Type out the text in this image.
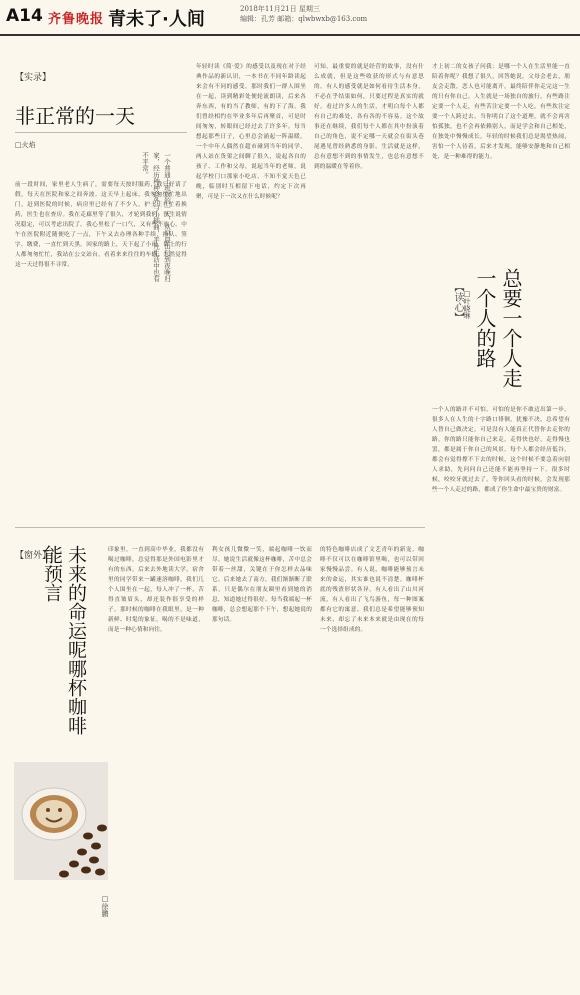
A14 齐鲁晚报 青未了·人间	2018年11月21日 星期三
编辑：孔芳 邮箱：qlwbwxb@163.com
【实录】
非正常的一天
□火焰
一个普通上班族的一天，从早晨出门到夜晚归家，经历种种意外与小插曲，平凡生活中也有不平常。
前一段时间，家里老人生病了，需要每天按时服药，我只好请了假，每天在医院和家之间奔波。这天早上起床，我匆匆忙忙地出门，赶到医院的时候，病房里已经有了不少人，护士正在忙着换药，医生也在查房。我在走廊里等了很久，才轮到我们，医生说情况稳定，可以考虑出院了。我心里松了一口气，又有些不放心。中午在医院附近随便吃了一点，下午又去办理各种手续，排队、签字、缴费，一直忙到天黑。回家的路上，天下起了小雨，街上的行人都匆匆忙忙，我站在公交站台，看着来来往往的车辆，忽然觉得这一天过得很不寻常。
年轻时读《简·爱》的感受以及现在对于经典作品的新认识，一本书在不同年龄读起来会有不同的感受，那时我们一群人围坐在一起，读到精彩处便轮流朗读，后来各奔东西，有的当了教师，有的下了海。我们曾经相约在毕业多年后再聚首，可是时间匆匆，转眼间已经过去了许多年。每当想起那些日子，心里总会涌起一阵温暖。一个中年人偶然在超市碰到当年的同学，两人站在货架之间聊了很久，说起各自的孩子、工作和父母，说起当年的老师，说起学校门口那家小吃店，不知不觉天色已晚，临别时互相留下电话，约定下次再聚，可是下一次又在什么时候呢？
可知。最重要的就是经营的故事，没有什么成就，但是这些收获的形式与有意思的。有人的感受就是如何看待生活本身，不必在乎结果如何，只要过程是真实的就好。看过许多人的生活，才明白每个人都有自己的难处，各有各的不容易。这个故事还在继续，我们每个人都在其中扮演着自己的角色，说不定哪一天就会在街头巷尾遇见曾经熟悉的身影。生活就是这样，总有意想不到的事情发生，也总有意想不到的温暖在等着你。
【读心】	总要一个人走一个人的路
□叶晓琳
才上初二的女孩子问我：是哪一个人在生活里能一直陪着你呢？我想了很久，回答她说，父母会老去，朋友会走散，恋人也可能离开，最终陪伴你走完这一生的只有你自己。人生就是一场独自的旅行，有些路注定要一个人走，有些苦注定要一个人吃，有些坎注定要一个人跨过去。当你明白了这个道理，就不会再害怕孤独，也不会再依赖别人，而是学会和自己相处，在独处中慢慢成长。年轻的时候我们总是渴望热闹，害怕一个人待着，后来才发现，能够安静地和自己相处，是一种难得的能力。
一个人的路并不可怕，可怕的是你不敢迈出第一步。很多人在人生的十字路口徘徊，犹豫不决，总希望有人替自己做决定，可是没有人能真正代替你去走你的路。你的路只能你自己来走，走得快也好，走得慢也罢，都是属于你自己的风景。每个人都会经历低谷，都会有觉得撑不下去的时候，这个时候不要急着向别人求助，先问问自己还能不能再坚持一下。很多时候，咬咬牙就过去了。等你回头看的时候，会发现那些一个人走过的路，都成了你生命中最宝贵的财富。
【窗外】 未来的命运呢哪杯咖啡能预言	印象里，一直到高中毕业，我都没有喝过咖啡，总觉得那是外国电影里才有的东西。后来去外地读大学，宿舍里的同学带来一罐速溶咖啡，我们几个人围坐在一起，每人冲了一杯，苦得直皱眉头，却还装作很享受的样子。那时候的咖啡在我眼里，是一种新鲜、时髦的象征，喝的不是味道，而是一种心情和向往。
利女孩儿微微一笑，端起咖啡一饮而尽。她说生活就像这杯咖啡，苦中总会带着一丝甜，关键在于你怎样去品味它。后来她去了南方，我们渐渐断了联系，只是偶尔在朋友圈里看到她的消息，知道她过得很好。每当我端起一杯咖啡，总会想起那个下午，想起她说的那句话。
的特色咖啡店成了文艺青年的新宠。咖啡不仅可以在咖啡馆里喝，也可以带回家慢慢品尝。有人说，咖啡能够预言未来的命运，其实谁也说不清楚。咖啡杯底的残渣形状各异，有人看出了山川河流，有人看出了飞鸟游鱼，每一种图案都有它的寓意。我们总是希望能够预知未来，却忘了未来本来就是由现在的每一个选择组成的。
□徐鹏
